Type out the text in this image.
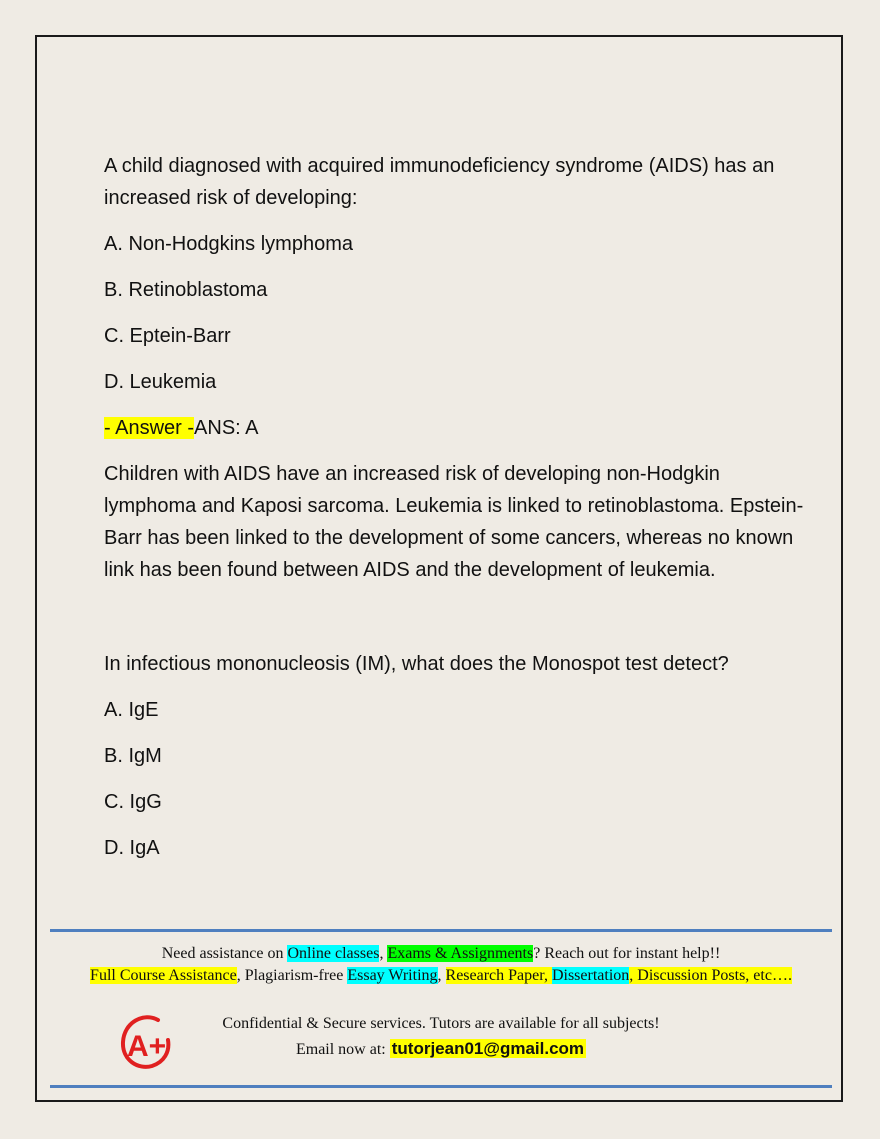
A child diagnosed with acquired immunodeficiency syndrome (AIDS) has an increased risk of developing:

A. Non-Hodgkins lymphoma

B. Retinoblastoma

C. Eptein-Barr

D. Leukemia

- Answer -ANS: A

Children with AIDS have an increased risk of developing non-Hodgkin lymphoma and Kaposi sarcoma. Leukemia is linked to retinoblastoma. Epstein-Barr has been linked to the development of some cancers, whereas no known link has been found between AIDS and the development of leukemia.

In infectious mononucleosis (IM), what does the Monospot test detect?

A. IgE

B. IgM

C. IgG

D. IgA

Need assistance on Online classes, Exams & Assignments? Reach out for instant help!!
Full Course Assistance, Plagiarism-free Essay Writing, Research Paper, Dissertation, Discussion Posts, etc….
A+
Confidential & Secure services. Tutors are available for all subjects!
Email now at: tutorjean01@gmail.com
